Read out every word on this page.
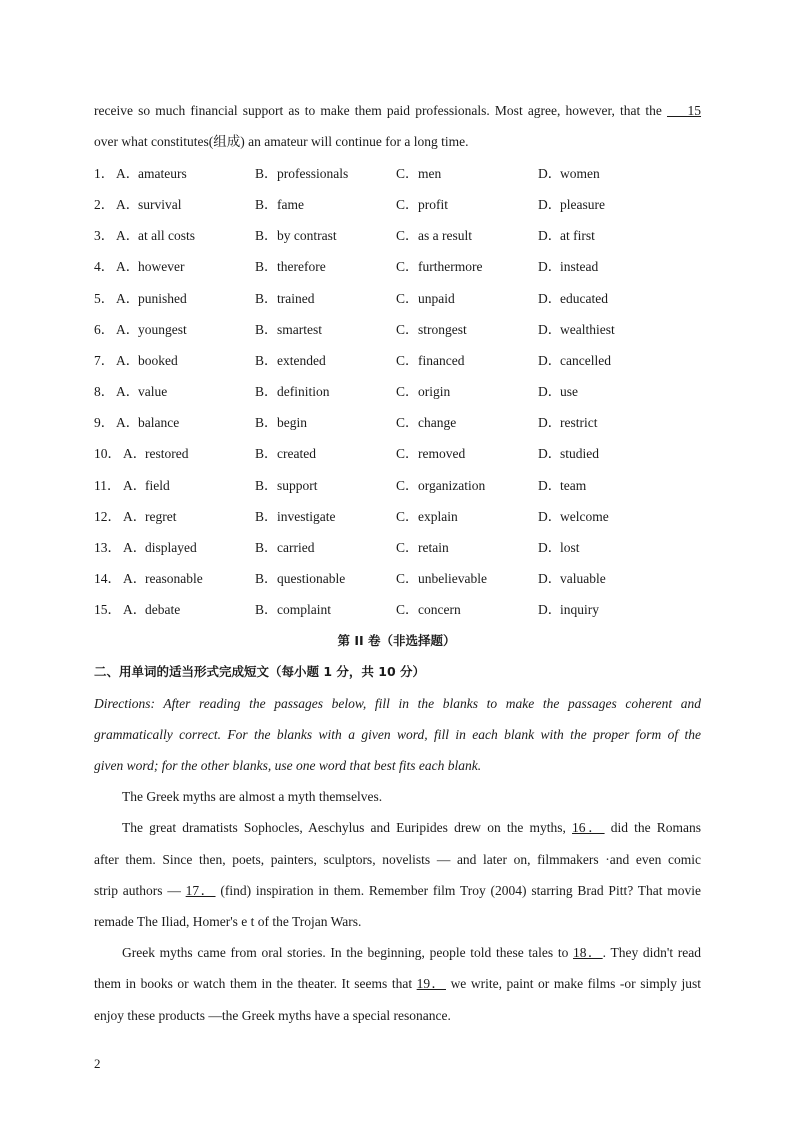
receive so much financial support as to make them paid professionals. Most agree, however, that the 15
over what constitutes(组成) an amateur will continue for a long time.
1． A．amateurs	B．professionals	C．men	D．women
2． A．survival	B．fame	C．profit	D．pleasure
3． A．at all costs	B．by contrast	C．as a result	D．at first
4． A．however	B．therefore	C．furthermore	D．instead
5． A．punished	B．trained	C．unpaid	D．educated
6． A．youngest	B．smartest	C．strongest	D．wealthiest
7． A．booked	B．extended	C．financed	D．cancelled
8． A．value	B．definition	C．origin	D．use
9． A．balance	B．begin	C．change	D．restrict
10． A．restored	B．created	C．removed	D．studied
11． A．field	B．support	C．organization	D．team
12． A．regret	B．investigate	C．explain	D．welcome
13． A．displayed	B．carried	C．retain	D．lost
14． A．reasonable	B．questionable	C．unbelievable	D．valuable
15． A．debate	B．complaint	C．concern	D．inquiry
第 II 卷（非选择题）
二、用单词的适当形式完成短文（每小题 1 分，共 10 分）
Directions: After reading the passages below, fill in the blanks to make the passages coherent and
grammatically correct. For the blanks with a given word, fill in each blank with the proper form of the
given word; for the other blanks, use one word that best fits each blank.
The Greek myths are almost a myth themselves.
The great dramatists Sophocles, Aeschylus and Euripides drew on the myths, 16． did the Romans
after them. Since then, poets, painters, sculptors, novelists — and later on, filmmakers ·and even comic
strip authors — 17． (find) inspiration in them. Remember film Troy (2004) starring Brad Pitt? That movie
remade The Iliad, Homer's e t of the Trojan Wars.
Greek myths came from oral stories. In the beginning, people told these tales to 18．. They didn't read
them in books or watch them in the theater. It seems that 19． we write, paint or make films -or simply just
enjoy these products —the Greek myths have a special resonance.
2
